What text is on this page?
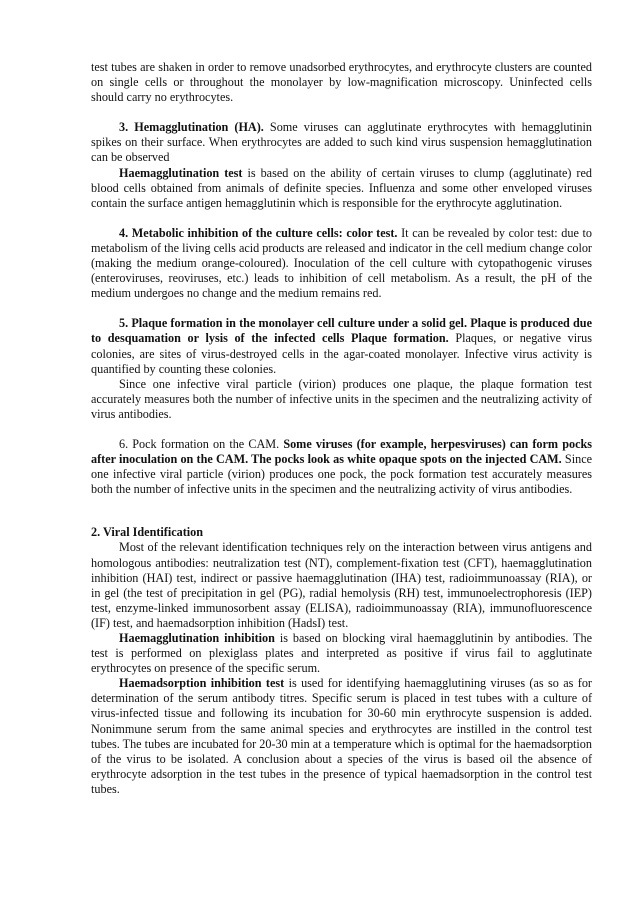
test tubes are shaken in order to remove unadsorbed erythrocytes, and erythrocyte clusters are counted on single cells or throughout the monolayer by low-magnification microscopy. Uninfected cells should carry no erythrocytes.

3. Hemagglutination (HA). Some viruses can agglutinate erythrocytes with hemagglutinin spikes on their surface. When erythrocytes are added to such kind virus suspension hemagglutination can be observed

Haemagglutination test is based on the ability of certain viruses to clump (agglutinate) red blood cells obtained from animals of definite species. Influenza and some other enveloped viruses contain the surface antigen hemagglutinin which is responsible for the erythrocyte agglutination.

4. Metabolic inhibition of the culture cells: color test. It can be revealed by color test: due to metabolism of the living cells acid products are released and indicator in the cell medium change color (making the medium orange-coloured). Inoculation of the cell culture with cytopathogenic viruses (enteroviruses, reoviruses, etc.) leads to inhibition of cell metabolism. As a result, the pH of the medium undergoes no change and the medium remains red.

5. Plaque formation in the monolayer cell culture under a solid gel. Plaque is produced due to desquamation or lysis of the infected cells Plaque formation. Plaques, or negative virus colonies, are sites of virus-destroyed cells in the agar-coated monolayer. Infective virus activity is quantified by counting these colonies.

Since one infective viral particle (virion) produces one plaque, the plaque formation test accurately measures both the number of infective units in the specimen and the neutralizing activity of virus antibodies.

6. Pock formation on the CAM. Some viruses (for example, herpesviruses) can form pocks after inoculation on the CAM. The pocks look as white opaque spots on the injected CAM. Since one infective viral particle (virion) produces one pock, the pock formation test accurately measures both the number of infective units in the specimen and the neutralizing activity of virus antibodies.

2. Viral Identification

Most of the relevant identification techniques rely on the interaction between virus antigens and homologous antibodies: neutralization test (NT), complement-fixation test (CFT), haemagglutination inhibition (HAI) test, indirect or passive haemagglutination (IHA) test, radioimmunoassay (RIA), or in gel (the test of precipitation in gel (PG), radial hemolysis (RH) test, immunoelectrophoresis (IEP) test, enzyme-linked immunosorbent assay (ELISA), radioimmunoassay (RIA), immunofluorescence (IF) test, and haemadsorption inhibition (HadsI) test.

Haemagglutination inhibition is based on blocking viral haemagglutinin by antibodies. The test is performed on plexiglass plates and interpreted as positive if virus fail to agglutinate erythrocytes on presence of the specific serum.

Haemadsorption inhibition test is used for identifying haemagglutining viruses (as so as for determination of the serum antibody titres. Specific serum is placed in test tubes with a culture of virus-infected tissue and following its incubation for 30-60 min erythrocyte suspension is added. Nonimmune serum from the same animal species and erythrocytes are instilled in the control test tubes. The tubes are incubated for 20-30 min at a temperature which is optimal for the haemadsorption of the virus to be isolated. A conclusion about a species of the virus is based oil the absence of erythrocyte adsorption in the test tubes in the presence of typical haemadsorption in the control test tubes.
